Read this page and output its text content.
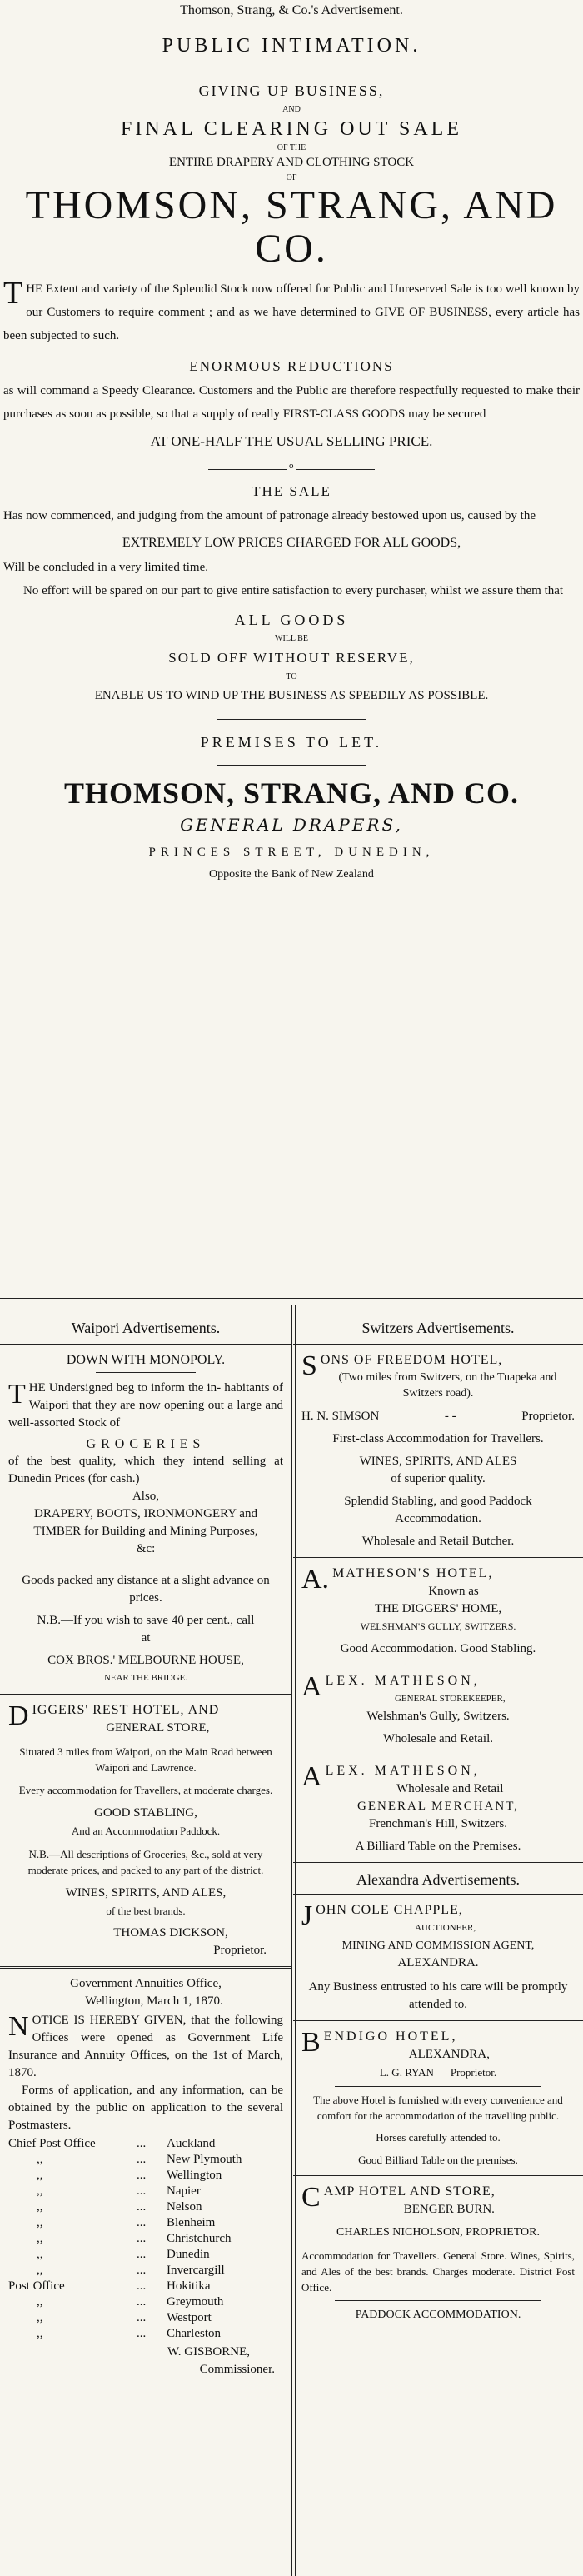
Thomson, Strang, & Co.'s Advertisement.
PUBLIC INTIMATION.
GIVING UP BUSINESS,
AND
FINAL CLEARING OUT SALE
OF THE
ENTIRE DRAPERY AND CLOTHING STOCK
OF
THOMSON, STRANG, AND CO.
THE Extent and variety of the Splendid Stock now offered for Public and Unreserved Sale is too well known by our Customers to require comment ; and as we have determined to GIVE OF BUSINESS, every article has been subjected to such.
ENORMOUS REDUCTIONS
as will command a Speedy Clearance. Customers and the Public are therefore respectfully requested to make their purchases as soon as possible, so that a supply of really FIRST-CLASS GOODS may be secured
AT ONE-HALF THE USUAL SELLING PRICE.
o
THE SALE
Has now commenced, and judging from the amount of patronage already bestowed upon us, caused by the
EXTREMELY LOW PRICES CHARGED FOR ALL GOODS,
Will be concluded in a very limited time.
No effort will be spared on our part to give entire satisfaction to every purchaser, whilst we assure them that
ALL GOODS
WILL BE
SOLD OFF WITHOUT RESERVE,
TO
ENABLE US TO WIND UP THE BUSINESS AS SPEEDILY AS POSSIBLE.
PREMISES TO LET.
THOMSON, STRANG, AND CO.
GENERAL DRAPERS,
PRINCES STREET, DUNEDIN,
Opposite the Bank of New Zealand
Waipori Advertisements.
DOWN WITH MONOPOLY.
THE Undersigned beg to inform the in- habitants of Waipori that they are now opening out a large and well-assorted Stock of
GROCERIES
of the best quality, which they intend selling at Dunedin Prices (for cash.)
Also,
DRAPERY, BOOTS, IRONMONGERY and TIMBER for Building and Mining Purposes, &c:
Goods packed any distance at a slight advance on prices.
N.B.—If you wish to save 40 per cent., call at
COX BROS.' MELBOURNE HOUSE,
NEAR THE BRIDGE.
DIGGERS' REST HOTEL, AND
GENERAL STORE,
Situated 3 miles from Waipori, on the Main Road between Waipori and Lawrence.
Every accommodation for Travellers, at moderate charges.
GOOD STABLING,
And an Accommodation Paddock.
N.B.—All descriptions of Groceries, &c., sold at very moderate prices, and packed to any part of the district.
WINES, SPIRITS, AND ALES,
of the best brands.
THOMAS DICKSON,
Proprietor.
Government Annuities Office,
Wellington, March 1, 1870.
NOTICE IS HEREBY GIVEN, that the following Offices were opened as Government Life Insurance and Annuity Offices, on the 1st of March, 1870.
Forms of application, and any information, can be obtained by the public on application to the several Postmasters.
Chief Post Office	...	Auckland
,,	...	New Plymouth
,,	...	Wellington
,,	...	Napier
,,	...	Nelson
,,	...	Blenheim
,,	...	Christchurch
,,	...	Dunedin
,,	...	Invercargill
Post Office	...	Hokitika
,,	...	Greymouth
,,	...	Westport
,,	...	Charleston
W. GISBORNE,
Commissioner.
Switzers Advertisements.
SONS OF FREEDOM HOTEL,
(Two miles from Switzers, on the Tuapeka and Switzers road).
H. N. SIMSON	- -	Proprietor.
First-class Accommodation for Travellers.
WINES, SPIRITS, AND ALES
of superior quality.
Splendid Stabling, and good Paddock Accommodation.
Wholesale and Retail Butcher.
A. MATHESON'S HOTEL,
Known as
THE DIGGERS' HOME,
WELSHMAN'S GULLY, SWITZERS.
Good Accommodation. Good Stabling.
ALEX. MATHESON,
GENERAL STOREKEEPER,
Welshman's Gully, Switzers.
Wholesale and Retail.
ALEX. MATHESON,
Wholesale and Retail
GENERAL MERCHANT,
Frenchman's Hill, Switzers.
A Billiard Table on the Premises.
Alexandra Advertisements.
JOHN COLE CHAPPLE,
AUCTIONEER,
MINING AND COMMISSION AGENT,
ALEXANDRA.
Any Business entrusted to his care will be promptly attended to.
BENDIGO HOTEL,
ALEXANDRA,
L. G. RYAN Proprietor.
The above Hotel is furnished with every convenience and comfort for the accommodation of the travelling public.
Horses carefully attended to.
Good Billiard Table on the premises.
CAMP HOTEL AND STORE,
BENGER BURN.
CHARLES NICHOLSON, PROPRIETOR.
Accommodation for Travellers. General Store. Wines, Spirits, and Ales of the best brands. Charges moderate. District Post Office.
PADDOCK ACCOMMODATION.
